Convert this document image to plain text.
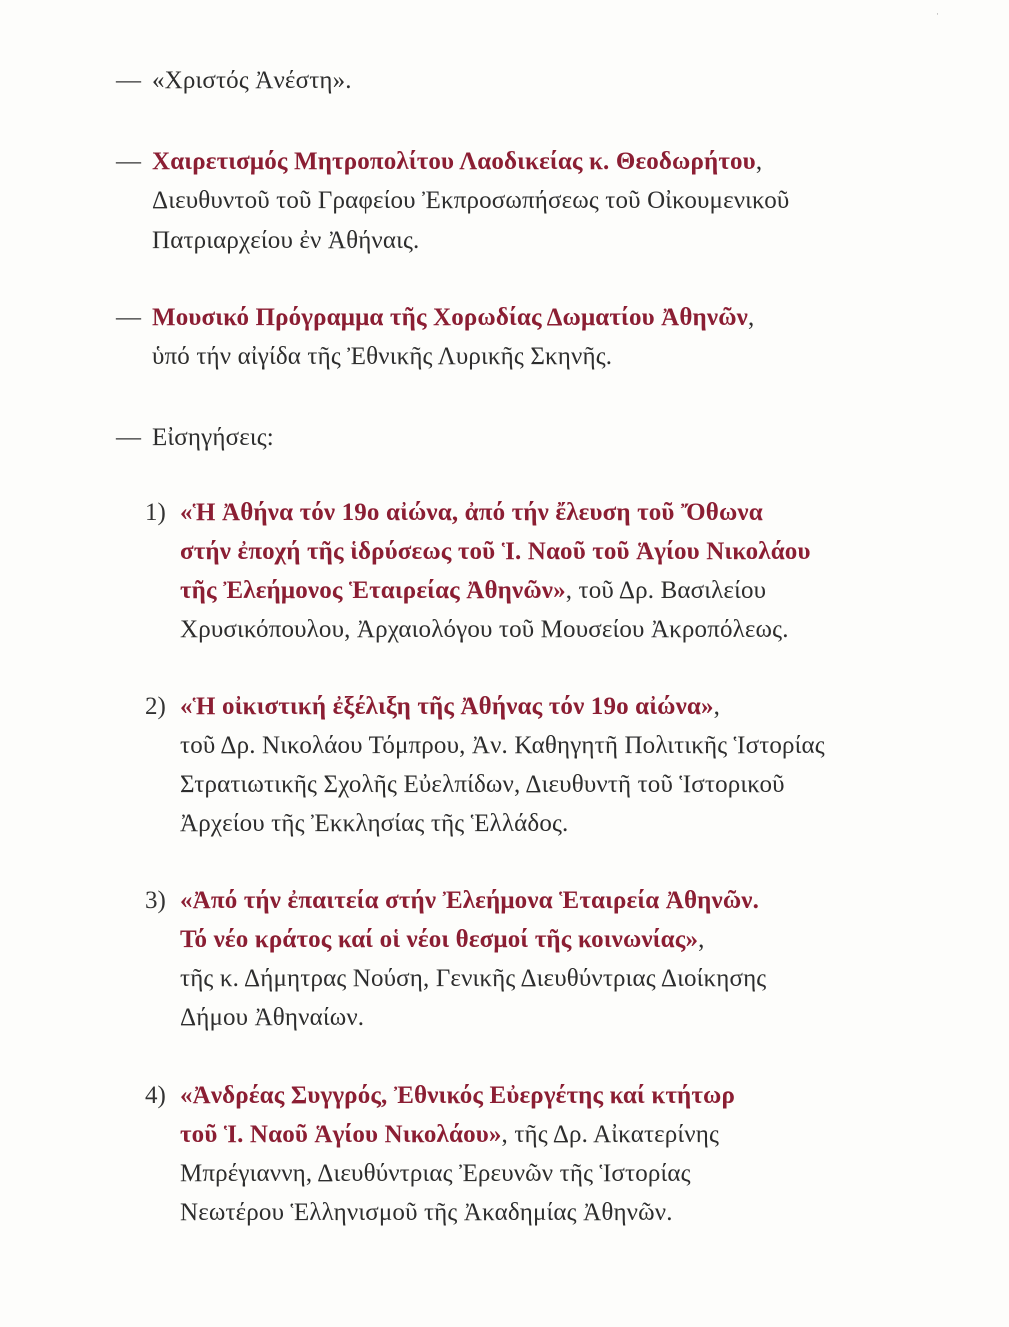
·
— «Χριστός Ἀνέστη».
— Χαιρετισμός Μητροπολίτου Λαοδικείας κ. Θεοδωρήτου,
Διευθυντοῦ τοῦ Γραφείου Ἐκπροσωπήσεως τοῦ Οἰκουμενικοῦ
Πατριαρχείου ἐν Ἀθήναις.
— Μουσικό Πρόγραμμα τῆς Χορωδίας Δωματίου Ἀθηνῶν,
ὑπό τήν αἰγίδα τῆς Ἐθνικῆς Λυρικῆς Σκηνῆς.
— Εἰσηγήσεις:
1) «Ἡ Ἀθήνα τόν 19ο αἰώνα, ἀπό τήν ἔλευση τοῦ Ὄθωνα
στήν ἐποχή τῆς ἱδρύσεως τοῦ Ἱ. Ναοῦ τοῦ Ἁγίου Νικολάου
τῆς Ἐλεήμονος Ἑταιρείας Ἀθηνῶν», τοῦ Δρ. Βασιλείου
Χρυσικόπουλου, Ἀρχαιολόγου τοῦ Μουσείου Ἀκροπόλεως.
2) «Ἡ οἰκιστική ἐξέλιξη τῆς Ἀθήνας τόν 19ο αἰώνα»,
τοῦ Δρ. Νικολάου Τόμπρου, Ἀν. Καθηγητῆ Πολιτικῆς Ἱστορίας
Στρατιωτικῆς Σχολῆς Εὐελπίδων, Διευθυντῆ τοῦ Ἱστορικοῦ
Ἀρχείου τῆς Ἐκκλησίας τῆς Ἑλλάδος.
3) «Ἀπό τήν ἐπαιτεία στήν Ἐλεήμονα Ἑταιρεία Ἀθηνῶν.
Τό νέο κράτος καί οἱ νέοι θεσμοί τῆς κοινωνίας»,
τῆς κ. Δήμητρας Νούση, Γενικῆς Διευθύντριας Διοίκησης
Δήμου Ἀθηναίων.
4) «Ἀνδρέας Συγγρός, Ἐθνικός Εὐεργέτης καί κτήτωρ
τοῦ Ἱ. Ναοῦ Ἁγίου Νικολάου», τῆς Δρ. Αἰκατερίνης
Μπρέγιαννη, Διευθύντριας Ἐρευνῶν τῆς Ἱστορίας
Νεωτέρου Ἑλληνισμοῦ τῆς Ἀκαδημίας Ἀθηνῶν.
